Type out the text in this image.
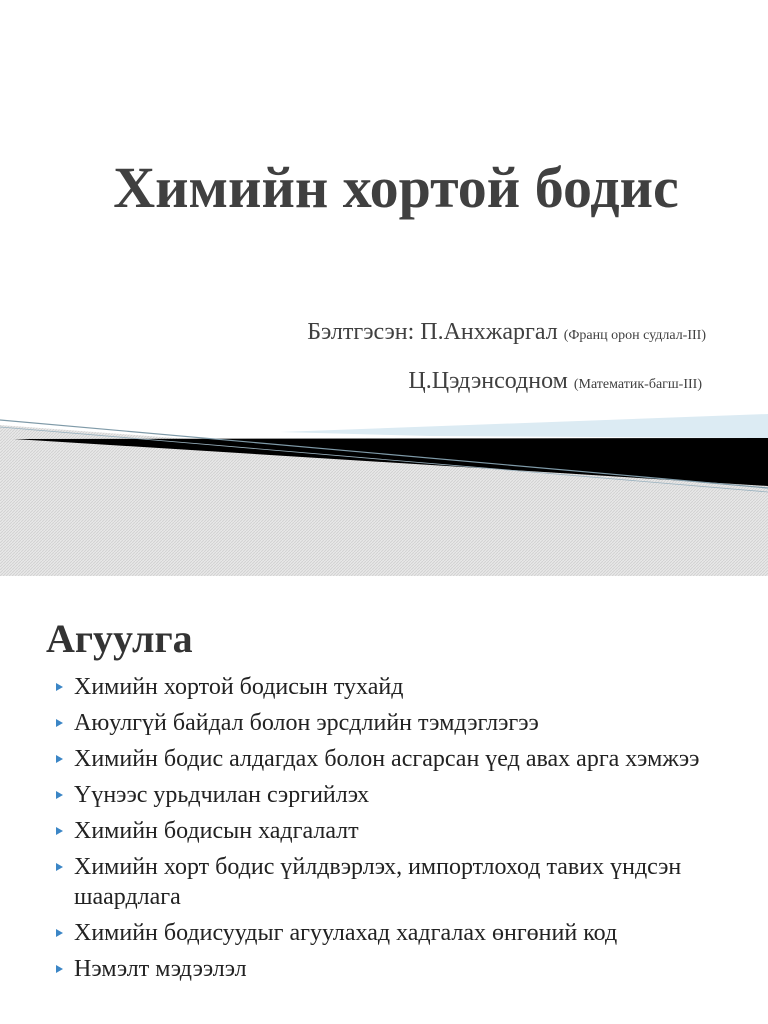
Химийн хортой бодис
Бэлтгэсэн: П.Анхжаргал (Франц орон судлал-III)
Ц.Цэдэнсодном (Математик-багш-III)
Агуулга
Химийн хортой бодисын тухайд
Аюулгүй байдал болон эрсдлийн тэмдэглэгээ
Химийн бодис алдагдах болон асгарсан үед авах арга хэмжээ
Үүнээс урьдчилан сэргийлэх
Химийн бодисын хадгалалт
Химийн хорт бодис үйлдвэрлэх, импортлоход тавих үндсэн шаардлага
Химийн бодисуудыг агуулахад хадгалах өнгөний код
Нэмэлт мэдээлэл
